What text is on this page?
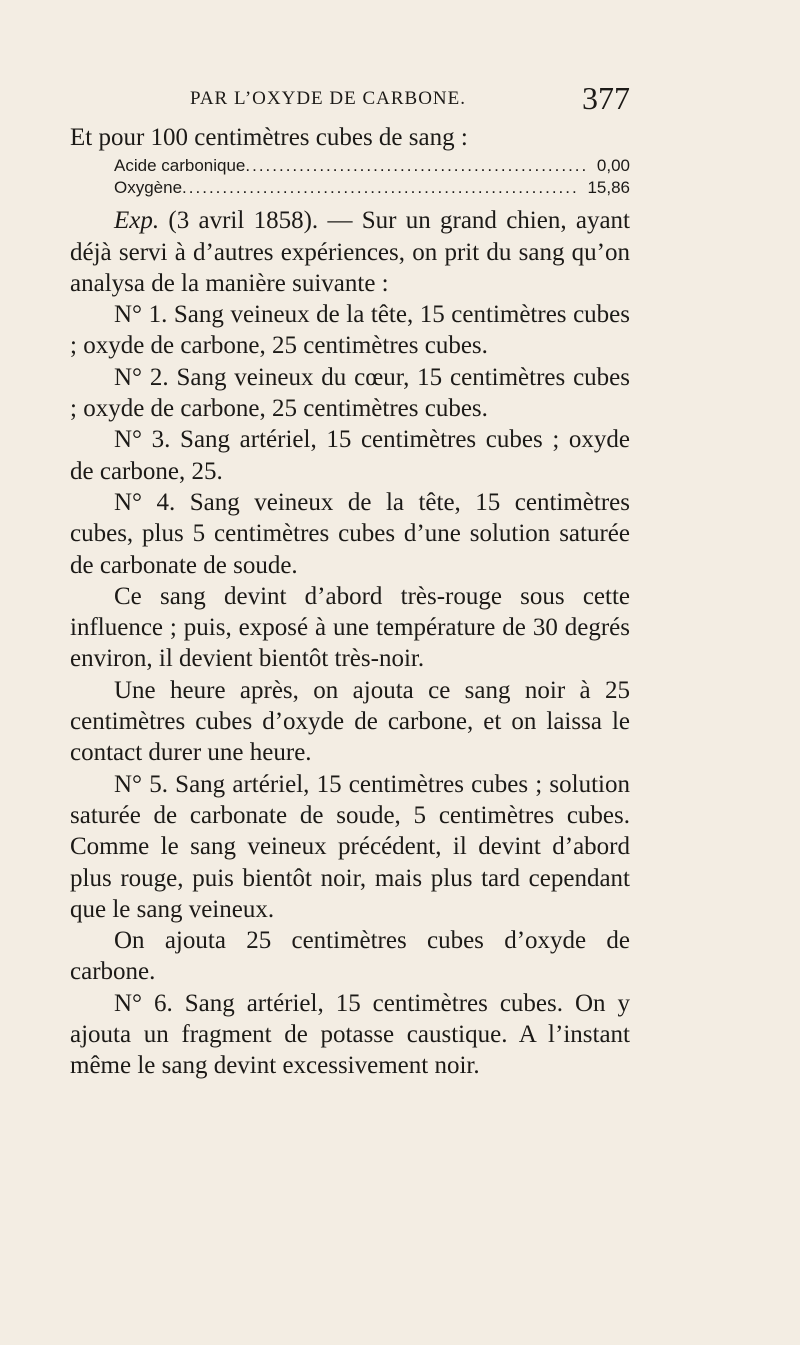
PAR L’OXYDE DE CARBONE.	377

Et pour 100 centimètres cubes de sang :

Acide carbonique .....	0,00
Oxygène .....	15,86

Exp. (3 avril 1858). — Sur un grand chien, ayant déjà servi à d’autres expériences, on prit du sang qu’on analysa de la manière suivante :

N° 1. Sang veineux de la tête, 15 centimètres cubes ; oxyde de carbone, 25 centimètres cubes.

N° 2. Sang veineux du cœur, 15 centimètres cubes ; oxyde de carbone, 25 centimètres cubes.

N° 3. Sang artériel, 15 centimètres cubes ; oxyde de carbone, 25.

N° 4. Sang veineux de la tête, 15 centimètres cubes, plus 5 centimètres cubes d’une solution saturée de carbonate de soude.

Ce sang devint d’abord très-rouge sous cette influence ; puis, exposé à une température de 30 degrés environ, il devient bientôt très-noir.

Une heure après, on ajouta ce sang noir à 25 centimètres cubes d’oxyde de carbone, et on laissa le contact durer une heure.

N° 5. Sang artériel, 15 centimètres cubes ; solution saturée de carbonate de soude, 5 centimètres cubes. Comme le sang veineux précédent, il devint d’abord plus rouge, puis bientôt noir, mais plus tard cependant que le sang veineux.

On ajouta 25 centimètres cubes d’oxyde de carbone.

N° 6. Sang artériel, 15 centimètres cubes. On y ajouta un fragment de potasse caustique. A l’instant même le sang devint excessivement noir.
